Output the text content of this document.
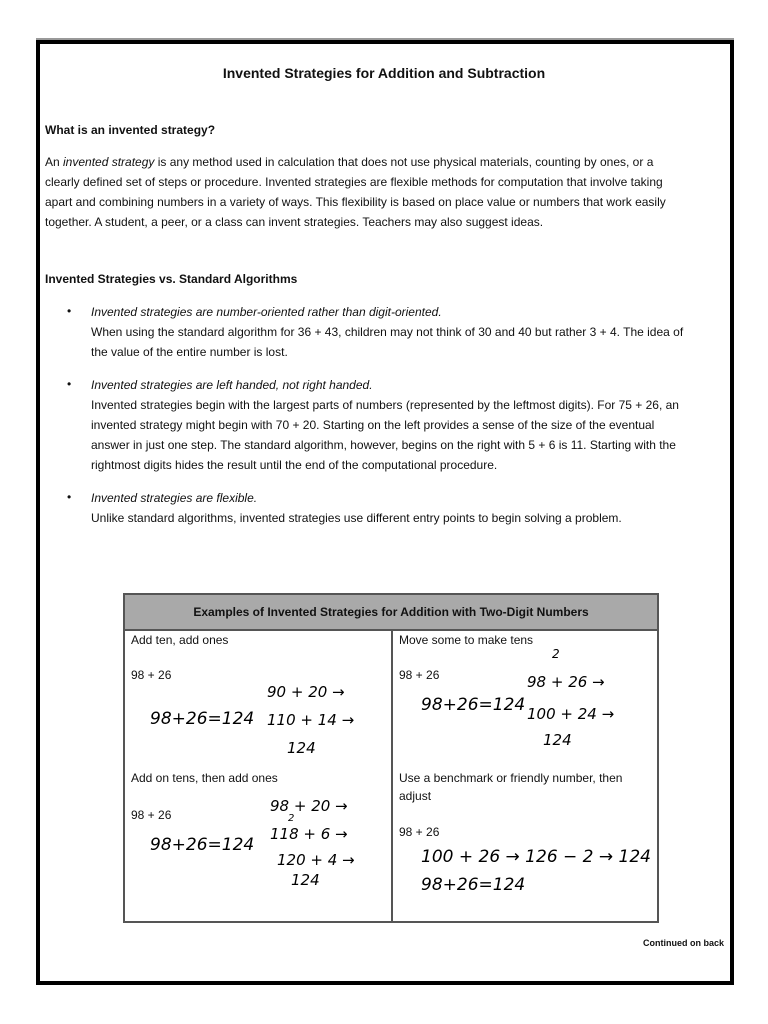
Invented Strategies for Addition and Subtraction
What is an invented strategy?
An invented strategy is any method used in calculation that does not use physical materials, counting by ones, or a
clearly defined set of steps or procedure. Invented strategies are flexible methods for computation that involve taking
apart and combining numbers in a variety of ways. This flexibility is based on place value or numbers that work easily
together. A student, a peer, or a class can invent strategies. Teachers may also suggest ideas.
Invented Strategies vs. Standard Algorithms
• Invented strategies are number-oriented rather than digit-oriented.
When using the standard algorithm for 36 + 43, children may not think of 30 and 40 but rather 3 + 4. The idea of
the value of the entire number is lost.
• Invented strategies are left handed, not right handed.
Invented strategies begin with the largest parts of numbers (represented by the leftmost digits). For 75 + 26, an
invented strategy might begin with 70 + 20. Starting on the left provides a sense of the size of the eventual
answer in just one step. The standard algorithm, however, begins on the right with 5 + 6 is 11. Starting with the
rightmost digits hides the result until the end of the computational procedure.
• Invented strategies are flexible.
Unlike standard algorithms, invented strategies use different entry points to begin solving a problem.
Examples of Invented Strategies for Addition with Two-Digit Numbers
Add ten, add ones
98 + 26
98+26=124
90 + 20 →
110 + 14 →
124
Move some to make tens
98 + 26
2
98 + 26 →
98+26=124 100 + 24 →
124
Add on tens, then add ones
98 + 26
98+26=124
98 + 20 →
2
118 + 6 →
120 + 4 →
124
Use a benchmark or friendly number, then
adjust
98 + 26
100 + 26 → 126 − 2 → 124
98+26=124
Continued on back
